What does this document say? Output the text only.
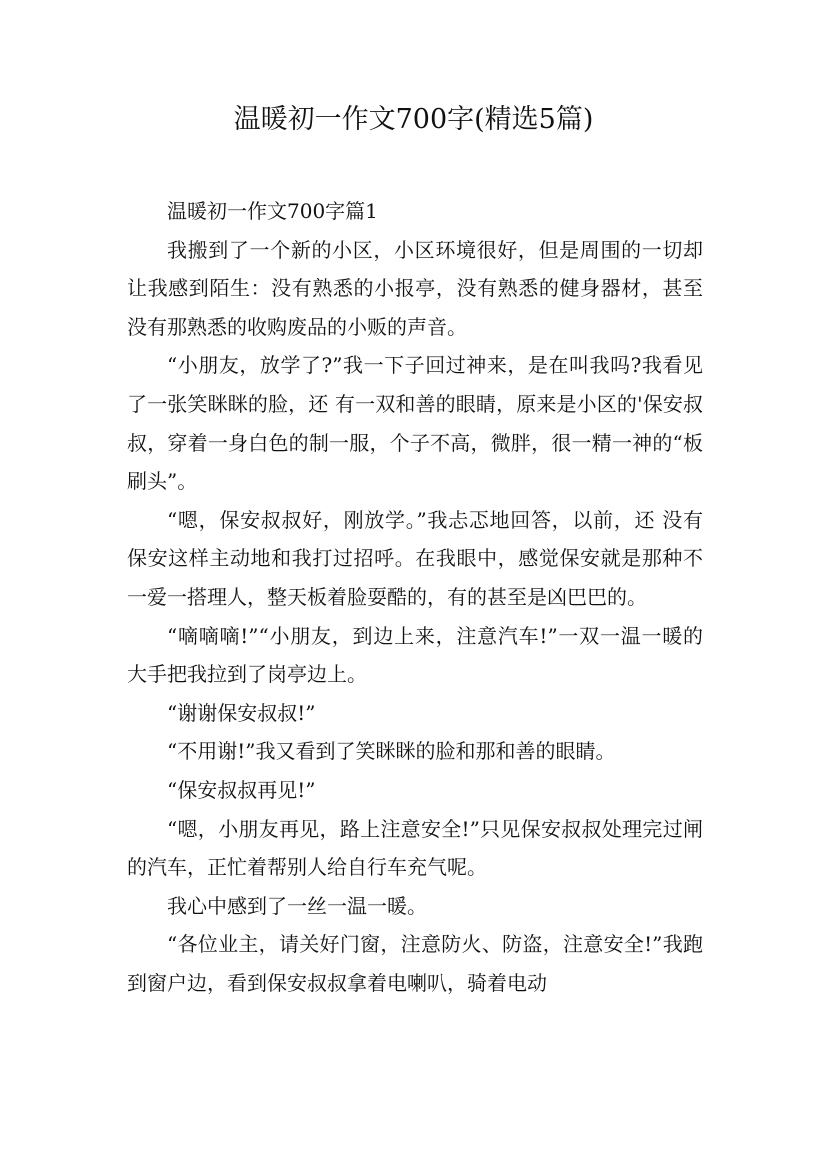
温暖初一作文700字(精选5篇)

温暖初一作文700字篇1

我搬到了一个新的小区，小区环境很好，但是周围的一切却让我感到陌生：没有熟悉的小报亭，没有熟悉的健身器材，甚至没有那熟悉的收购废品的小贩的声音。

“小朋友，放学了?”我一下子回过神来，是在叫我吗?我看见了一张笑眯眯的脸，还 有一双和善的眼睛，原来是小区的'保安叔叔，穿着一身白色的制一服，个子不高，微胖，很一精一神的“板刷头”。

“嗯，保安叔叔好，刚放学。”我忐忑地回答，以前，还 没有保安这样主动地和我打过招呼。在我眼中，感觉保安就是那种不一爱一搭理人，整天板着脸耍酷的，有的甚至是凶巴巴的。

“嘀嘀嘀!”“小朋友，到边上来，注意汽车!”一双一温一暖的大手把我拉到了岗亭边上。

“谢谢保安叔叔!”

“不用谢!”我又看到了笑眯眯的脸和那和善的眼睛。

“保安叔叔再见!”

“嗯，小朋友再见，路上注意安全!”只见保安叔叔处理完过闸的汽车，正忙着帮别人给自行车充气呢。

我心中感到了一丝一温一暖。

“各位业主，请关好门窗，注意防火、防盗，注意安全!”我跑到窗户边，看到保安叔叔拿着电喇叭，骑着电动
